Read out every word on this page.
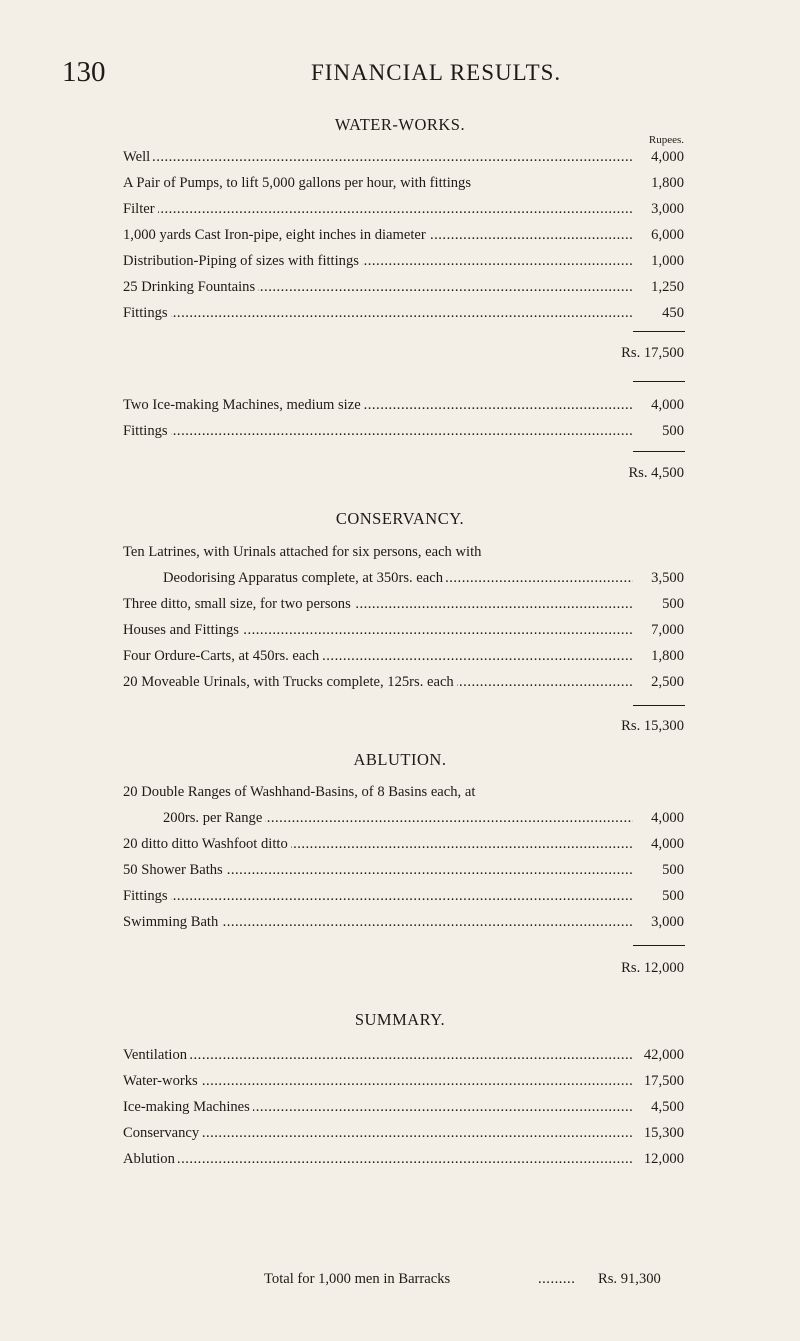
130	FINANCIAL RESULTS.
WATER-WORKS.
Rupees.
Well .....	4,000
A Pair of Pumps, to lift 5,000 gallons per hour, with fittings	1,800
Filter .....	3,000
1,000 yards Cast Iron-pipe, eight inches in diameter .....	6,000
Distribution-Piping of sizes with fittings .....	1,000
25 Drinking Fountains .....	1,250
Fittings .....	450
Rs. 17,500
Two Ice-making Machines, medium size .....	4,000
Fittings .....	500
Rs. 4,500
CONSERVANCY.
Ten Latrines, with Urinals attached for six persons, each with
Deodorising Apparatus complete, at 350rs. each .....	3,500
Three ditto, small size, for two persons .....	500
Houses and Fittings .....	7,000
Four Ordure-Carts, at 450rs. each .....	1,800
20 Moveable Urinals, with Trucks complete, 125rs. each .....	2,500
Rs. 15,300
ABLUTION.
20 Double Ranges of Washhand-Basins, of 8 Basins each, at
200rs. per Range .....	4,000
20 ditto ditto Washfoot ditto .....	4,000
50 Shower Baths .....	500
Fittings .....	500
Swimming Bath .....	3,000
Rs. 12,000
SUMMARY.
Ventilation .....	42,000
Water-works .....	17,500
Ice-making Machines .....	4,500
Conservancy .....	15,300
Ablution .....	12,000
Total for 1,000 men in Barracks	......... Rs. 91,300
